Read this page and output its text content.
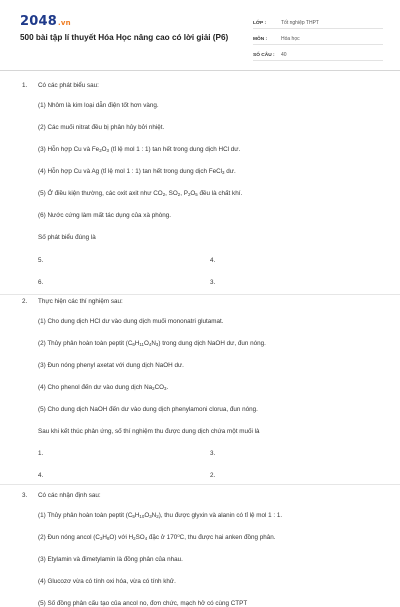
2048.vn
500 bài tập lí thuyết Hóa Học nâng cao có lời giải (P6)
LỚP :	Tốt nghiệp THPT
MÔN :	Hóa học
SỐ CÂU :	40
1. Có các phát biểu sau:
(1) Nhôm là kim loại dẫn điện tốt hơn vàng.
(2) Các muối nitrat đều bị phân hủy bởi nhiệt.
(3) Hỗn hợp Cu và $Fe_2O_3$ (tỉ lệ mol 1 : 1) tan hết trong dung dịch HCl dư.
(4) Hỗn hợp Cu và Ag (tỉ lệ mol 1 : 1) tan hết trong dung dịch FeCl$_3$ dư.
(5) Ở điều kiện thường, các oxit axit như $CO_2$, $SO_2$, $P_2O_5$ đều là chất khí.
(6) Nước cứng làm mất tác dụng của xà phòng.
Số phát biểu đúng là
5.	4.
6.	3.
2. Thực hiện các thí nghiệm sau:
(1) Cho dung dịch HCl dư vào dung dịch muối mononatri glutamat.
(2) Thủy phân hoàn toàn peptit $(C_6H_{11}O_4N_3)$ trong dung dịch NaOH dư, đun nóng.
(3) Đun nóng phenyl axetat với dung dịch NaOH dư.
(4) Cho phenol đến dư vào dung dịch $Na_2CO_3$.
(5) Cho dung dịch NaOH đến dư vào dung dịch phenylamoni clorua, đun nóng.
Sau khi kết thúc phản ứng, số thí nghiệm thu được dung dịch chứa một muối là
1.	3.
4.	2.
3. Có các nhận định sau:
(1) Thủy phân hoàn toàn peptit $(C_5H_{10}O_3N_2)$, thu được glyxin và alanin có tỉ lệ mol 1 : 1.
(2) Đun nóng ancol $(C_3H_8O)$ với $H_2SO_4$ đặc ở 170$^o$C, thu được hai anken đồng phân.
(3) Etylamin và đimetylamin là đồng phân của nhau.
(4) Glucozơ vừa có tính oxi hóa, vừa có tính khử.
(5) Số đồng phân cấu tạo của ancol no, đơn chức, mạch hở có cùng CTPT
